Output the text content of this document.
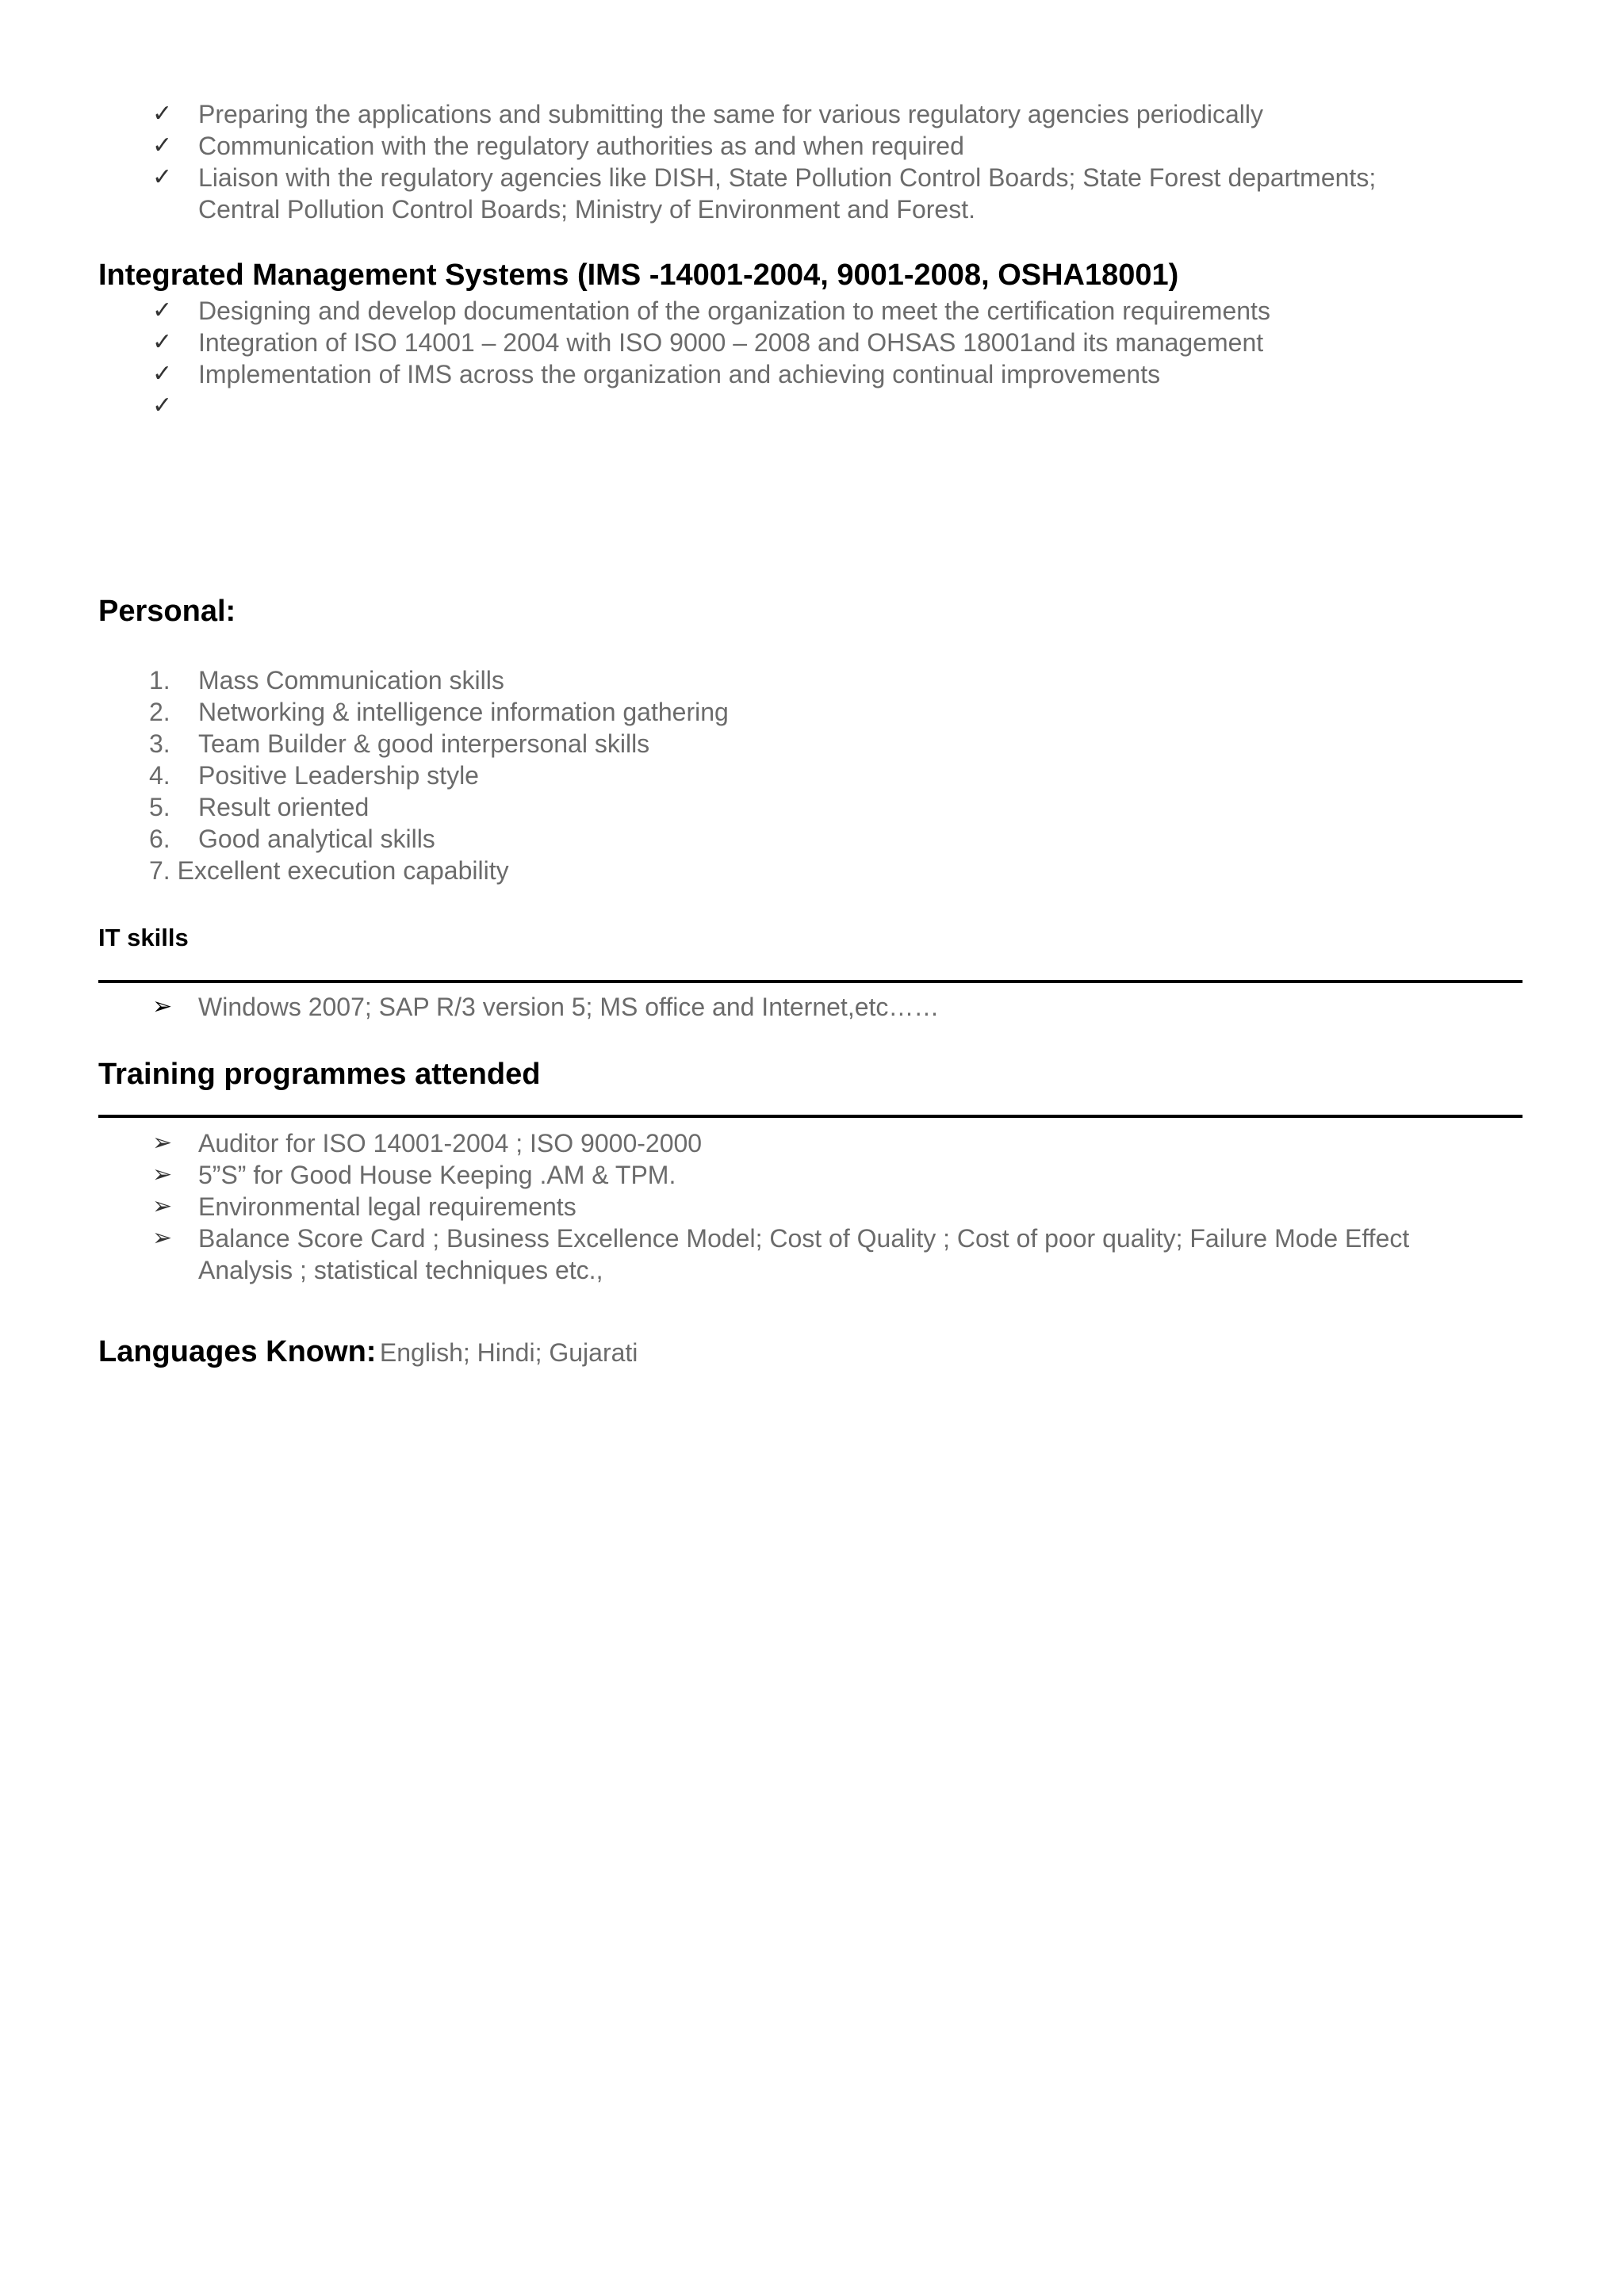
✓ Preparing the applications and submitting the same for various regulatory agencies periodically
✓ Communication with the regulatory authorities as and when required
✓ Liaison with the regulatory agencies like DISH, State Pollution Control Boards; State Forest departments;
Central Pollution Control Boards; Ministry of Environment and Forest.
Integrated Management Systems (IMS -14001-2004, 9001-2008, OSHA18001)
✓ Designing and develop documentation of the organization to meet the certification requirements
✓ Integration of ISO 14001 – 2004 with ISO 9000 – 2008 and OHSAS 18001and its management
✓ Implementation of IMS across the organization and achieving continual improvements
✓
Personal:
1. Mass Communication skills
2. Networking & intelligence information gathering
3. Team Builder & good interpersonal skills
4. Positive Leadership style
5. Result oriented
6. Good analytical skills
7. Excellent execution capability
IT skills
➢ Windows 2007; SAP R/3 version 5; MS office and Internet,etc……
Training programmes attended
➢ Auditor for ISO 14001-2004 ; ISO 9000-2000
➢ 5”S” for Good House Keeping .AM & TPM.
➢ Environmental legal requirements
➢ Balance Score Card ; Business Excellence Model; Cost of Quality ; Cost of poor quality; Failure Mode Effect
Analysis ; statistical techniques etc.,
Languages Known: English; Hindi; Gujarati
